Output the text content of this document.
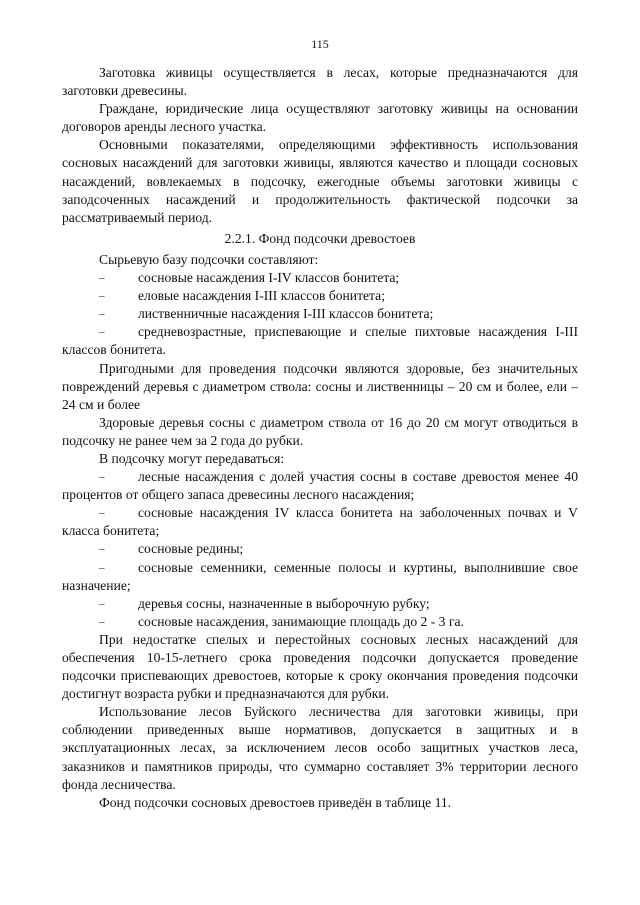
115

Заготовка живицы осуществляется в лесах, которые предназначаются для заготовки древесины.

Граждане, юридические лица осуществляют заготовку живицы на основании договоров аренды лесного участка.

Основными показателями, определяющими эффективность использования сосновых насаждений для заготовки живицы, являются качество и площади сосновых насаждений, вовлекаемых в подсочку, ежегодные объемы заготовки живицы с заподсоченных насаждений и продолжительность фактической подсочки за рассматриваемый период.

2.2.1. Фонд подсочки древостоев

Сырьевую базу подсочки составляют:

– сосновые насаждения I-IV классов бонитета;

– еловые насаждения I-III классов бонитета;

– лиственничные насаждения I-III классов бонитета;

– средневозрастные, приспевающие и спелые пихтовые насаждения I-III классов бонитета.

Пригодными для проведения подсочки являются здоровые, без значительных повреждений деревья с диаметром ствола: сосны и лиственницы – 20 см и более, ели – 24 см и более

Здоровые деревья сосны с диаметром ствола от 16 до 20 см могут отводиться в подсочку не ранее чем за 2 года до рубки.

В подсочку могут передаваться:

– лесные насаждения с долей участия сосны в составе древостоя менее 40 процентов от общего запаса древесины лесного насаждения;

– сосновые насаждения IV класса бонитета на заболоченных почвах и V класса бонитета;

– сосновые редины;

– сосновые семенники, семенные полосы и куртины, выполнившие свое назначение;

– деревья сосны, назначенные в выборочную рубку;

– сосновые насаждения, занимающие площадь до 2 - 3 га.

При недостатке спелых и перестойных сосновых лесных насаждений для обеспечения 10-15-летнего срока проведения подсочки допускается проведение подсочки приспевающих древостоев, которые к сроку окончания проведения подсочки достигнут возраста рубки и предназначаются для рубки.

Использование лесов Буйского лесничества для заготовки живицы, при соблюдении приведенных выше нормативов, допускается в защитных и в эксплуатационных лесах, за исключением лесов особо защитных участков леса, заказников и памятников природы, что суммарно составляет 3% территории лесного фонда лесничества.

Фонд подсочки сосновых древостоев приведён в таблице 11.
